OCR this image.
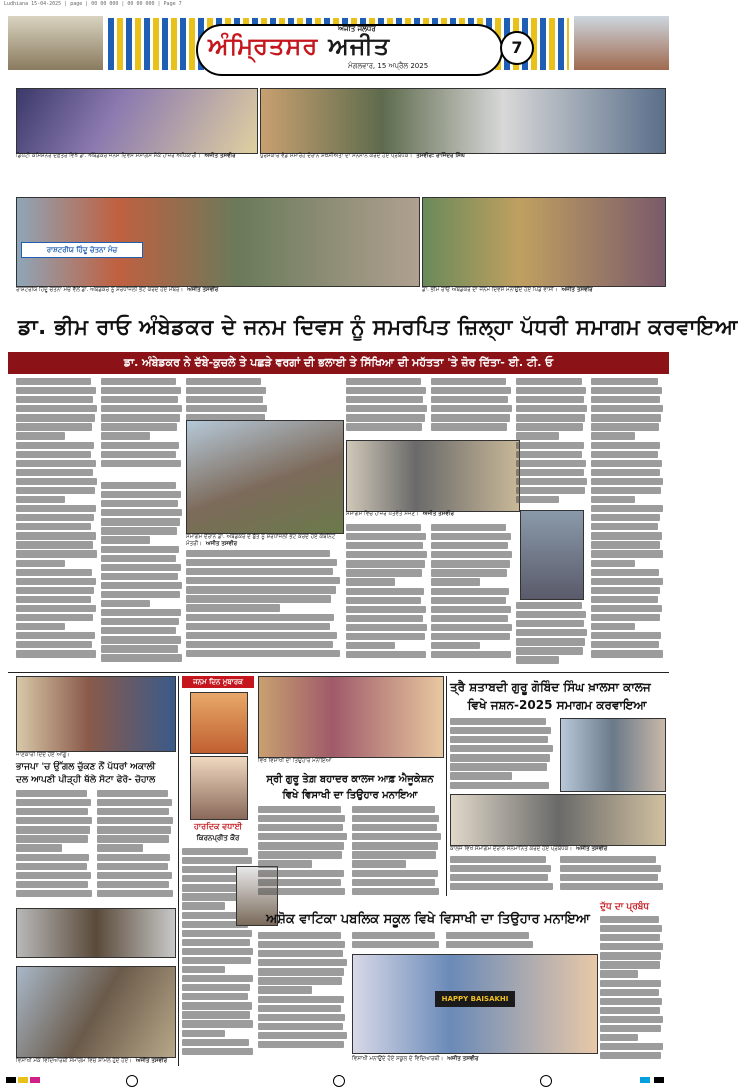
Ludhiana 15-04-2025 | page | 00 00 000 | 00 00 000 | Page 7
ਅਜੀਤ ਜਲੰਧਰ
ਅੰਮ੍ਰਿਤਸਰ ਅਜੀਤ
ਮੰਗਲਵਾਰ, 15 ਅਪ੍ਰੈਲ 2025
7
ਡਿਪਟੀ ਕਮਿਸ਼ਨਰ ਦਫ਼ਤਰ ਵਿਖੇ ਡਾ. ਅੰਬੇਡਕਰ ਜਨਮ ਦਿਵਸ ਸਮਾਗਮ ਮੌਕੇ ਹਾਜ਼ਰ ਅਧਿਕਾਰੀ। ਅਜੀਤ ਤਸਵੀਰ	ਪੁਰਸਕਾਰ ਵੰਡ ਸਮਾਰੋਹ ਦੌਰਾਨ ਸ਼ਖ਼ਸੀਅਤਾਂ ਦਾ ਸਨਮਾਨ ਕਰਦੇ ਹੋਏ ਪ੍ਰਬੰਧਕ। ਤਸਵੀਰ: ਰਾਜਿੰਦਰ ਸਿੰਘ
ਰਾਸ਼ਟਰੀਯ ਹਿੰਦੂ ਚੇਤਨਾ ਮੰਚ
ਰਾਸ਼ਟਰੀਯ ਹਿੰਦੂ ਚੇਤਨਾ ਮੰਚ ਵੱਲੋਂ ਡਾ. ਅੰਬੇਡਕਰ ਨੂੰ ਸ਼ਰਧਾਂਜਲੀ ਭੇਟ ਕਰਦੇ ਹੋਏ ਮੈਂਬਰ। ਅਜੀਤ ਤਸਵੀਰ	ਡਾ. ਭੀਮ ਰਾਓ ਅੰਬੇਡਕਰ ਦਾ ਜਨਮ ਦਿਵਸ ਮਨਾਉਂਦੇ ਹੋਏ ਪਿੰਡ ਵਾਸੀ। ਅਜੀਤ ਤਸਵੀਰ
ਡਾ. ਭੀਮ ਰਾਓ ਅੰਬੇਡਕਰ ਦੇ ਜਨਮ ਦਿਵਸ ਨੂੰ ਸਮਰਪਿਤ ਜ਼ਿਲ੍ਹਾ ਪੱਧਰੀ ਸਮਾਗਮ ਕਰਵਾਇਆ
ਡਾ. ਅੰਬੇਡਕਰ ਨੇ ਦੱਬੇ-ਕੁਚਲੇ ਤੇ ਪਛੜੇ ਵਰਗਾਂ ਦੀ ਭਲਾਈ ਤੇ ਸਿੱਖਿਆ ਦੀ ਮਹੱਤਤਾ 'ਤੇ ਜ਼ੋਰ ਦਿੱਤਾ- ਈ. ਟੀ. ਓ
ਸਮਾਗਮ ਦੌਰਾਨ ਡਾ. ਅੰਬੇਡਕਰ ਦੇ ਬੁੱਤ ਨੂੰ ਸ਼ਰਧਾਂਜਲੀ ਭੇਟ ਕਰਦੇ ਹੋਏ ਕੈਬਨਿਟ ਮੰਤਰੀ। ਅਜੀਤ ਤਸਵੀਰ
ਸਮਾਗਮ ਵਿਚ ਹਾਜ਼ਰ ਪਤਵੰਤੇ ਸੱਜਣ। ਅਜੀਤ ਤਸਵੀਰ
ਜਾਣਕਾਰੀ ਦਿੰਦੇ ਹੋਏ ਆਗੂ।
ਭਾਜਪਾ 'ਚ ਉੱਗਲ ਚੁੱਕਣ ਨੌਂ ਪੱਧਰਾਂ ਅਕਾਲੀ
ਦਲ ਆਪਣੀ ਪੀੜ੍ਹੀ ਥੱਲੇ ਸੋਟਾ ਫੇਰੋ- ਚੋਹਾਲ
ਵਿਸਾਖੀ ਮੌਕੇ ਵਿਦਿਆਰਥੀ ਸਮਾਗਮ ਵਿਚ ਸ਼ਾਮਲ ਹੁੰਦੇ ਹੋਏ। ਅਜੀਤ ਤਸਵੀਰ
ਜਨਮ ਦਿਨ ਮੁਬਾਰਕ
ਹਾਰਦਿਕ ਵਧਾਈ
ਕਿਰਨਪ੍ਰੀਤ ਕੌਰ
ਵਿਖੇ ਵਿਸਾਖੀ ਦਾ ਤਿਉਹਾਰ ਮਨਾਇਆ
ਸ੍ਰੀ ਗੁਰੂ ਤੇਗ਼ ਬਹਾਦਰ ਕਾਲਜ ਆਫ਼ ਐਜੂਕੇਸ਼ਨ
ਵਿਖੇ ਵਿਸਾਖੀ ਦਾ ਤਿਉਹਾਰ ਮਨਾਇਆ
ਤ੍ਰੈ ਸ਼ਤਾਬਦੀ ਗੁਰੂ ਗੋਬਿੰਦ ਸਿੰਘ ਖ਼ਾਲਸਾ ਕਾਲਜ
ਵਿਖੇ ਜਸ਼ਨ-2025 ਸਮਾਗਮ ਕਰਵਾਇਆ
ਕਾਲਜ ਵਿਖੇ ਸਮਾਗਮ ਦੌਰਾਨ ਸਨਮਾਨਿਤ ਕਰਦੇ ਹੋਏ ਪ੍ਰਬੰਧਕ। ਅਜੀਤ ਤਸਵੀਰ
ਅਸ਼ੋਕ ਵਾਟਿਕਾ ਪਬਲਿਕ ਸਕੂਲ ਵਿਖੇ ਵਿਸਾਖੀ ਦਾ ਤਿਉਹਾਰ ਮਨਾਇਆ
HAPPY BAISAKHI
ਵਿਸਾਖੀ ਮਨਾਉਂਦੇ ਹੋਏ ਸਕੂਲ ਦੇ ਵਿਦਿਆਰਥੀ। ਅਜੀਤ ਤਸਵੀਰ
ਦੁੱਧ ਦਾ ਪ੍ਰਬੰਧ
